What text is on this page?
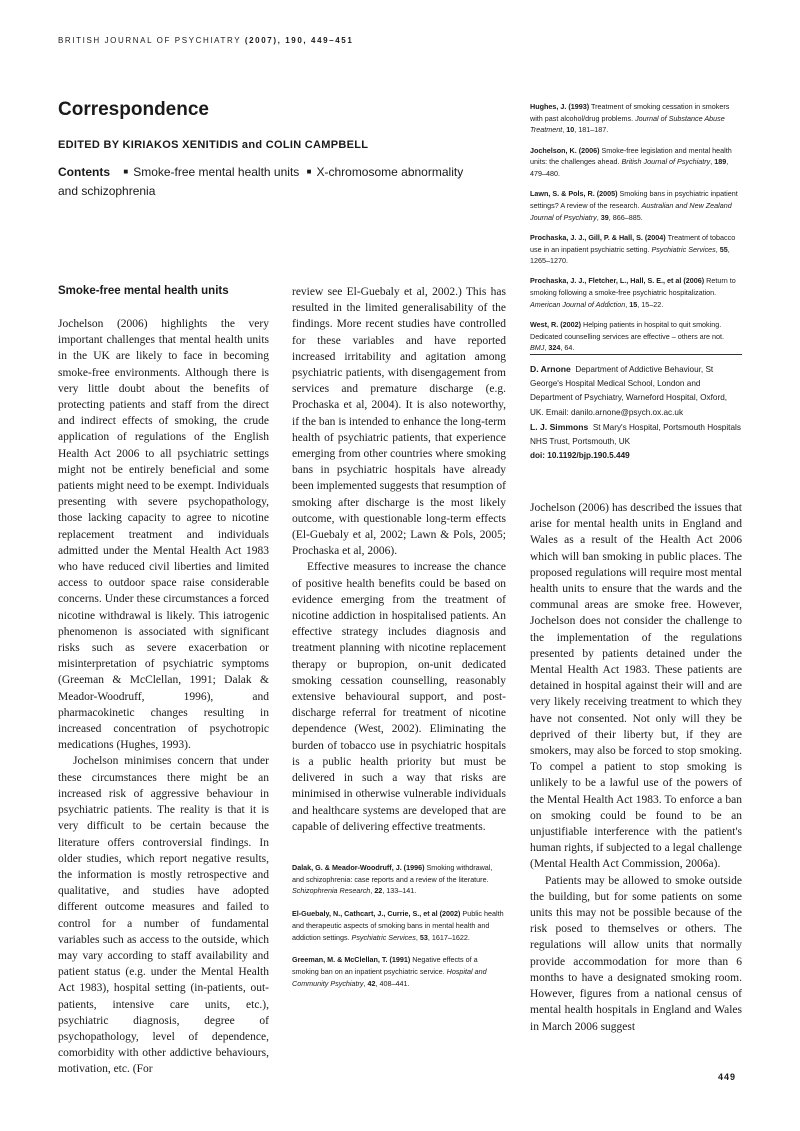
BRITISH JOURNAL OF PSYCHIATRY (2007), 190, 449–451
Correspondence
EDITED BY KIRIAKOS XENITIDIS and COLIN CAMPBELL
Contents ■ Smoke-free mental health units ■ X-chromosome abnormality
and schizophrenia
Hughes, J. (1993) Treatment of smoking cessation in smokers with past alcohol/drug problems. Journal of Substance Abuse Treatment, 10, 181–187.
Jochelson, K. (2006) Smoke-free legislation and mental health units: the challenges ahead. British Journal of Psychiatry, 189, 479–480.
Lawn, S. & Pols, R. (2005) Smoking bans in psychiatric inpatient settings? A review of the research. Australian and New Zealand Journal of Psychiatry, 39, 866–885.
Prochaska, J. J., Gill, P. & Hall, S. (2004) Treatment of tobacco use in an inpatient psychiatric setting. Psychiatric Services, 55, 1265–1270.
Prochaska, J. J., Fletcher, L., Hall, S. E., et al (2006) Return to smoking following a smoke-free psychiatric hospitalization. American Journal of Addiction, 15, 15–22.
West, R. (2002) Helping patients in hospital to quit smoking. Dedicated counselling services are effective – others are not. BMJ, 324, 64.
D. Arnone Department of Addictive Behaviour, St George's Hospital Medical School, London and Department of Psychiatry, Warneford Hospital, Oxford, UK. Email: danilo.arnone@psych.ox.ac.uk
L. J. Simmons St Mary's Hospital, Portsmouth Hospitals NHS Trust, Portsmouth, UK
doi: 10.1192/bjp.190.5.449
Smoke-free mental health units

Jochelson (2006) highlights the very important challenges that mental health units in the UK are likely to face in becoming smoke-free environments. Although there is very little doubt about the benefits of protecting patients and staff from the direct and indirect effects of smoking, the crude application of regulations of the English Health Act 2006 to all psychiatric settings might not be entirely beneficial and some patients might need to be exempt. Individuals presenting with severe psychopathology, those lacking capacity to agree to nicotine replacement treatment and individuals admitted under the Mental Health Act 1983 who have reduced civil liberties and limited access to outdoor space raise considerable concerns. Under these circumstances a forced nicotine withdrawal is likely. This iatrogenic phenomenon is associated with significant risks such as severe exacerbation or misinterpretation of psychiatric symptoms (Greeman & McClellan, 1991; Dalak & Meador-Woodruff, 1996), and pharmacokinetic changes resulting in increased concentration of psychotropic medications (Hughes, 1993).

Jochelson minimises concern that under these circumstances there might be an increased risk of aggressive behaviour in psychiatric patients. The reality is that it is very difficult to be certain because the literature offers controversial findings. In older studies, which report negative results, the information is mostly retrospective and qualitative, and studies have adopted different outcome measures and failed to control for a number of fundamental variables such as access to the outside, which may vary according to staff availability and patient status (e.g. under the Mental Health Act 1983), hospital setting (in-patients, out-patients, intensive care units, etc.), psychiatric diagnosis, degree of psychopathology, level of dependence, comorbidity with other addictive behaviours, motivation, etc. (For

review see El-Guebaly et al, 2002.) This has resulted in the limited generalisability of the findings. More recent studies have controlled for these variables and have reported increased irritability and agitation among psychiatric patients, with disengagement from services and premature discharge (e.g. Prochaska et al, 2004). It is also noteworthy, if the ban is intended to enhance the long-term health of psychiatric patients, that experience emerging from other countries where smoking bans in psychiatric hospitals have already been implemented suggests that resumption of smoking after discharge is the most likely outcome, with questionable long-term effects (El-Guebaly et al, 2002; Lawn & Pols, 2005; Prochaska et al, 2006).

Effective measures to increase the chance of positive health benefits could be based on evidence emerging from the treatment of nicotine addiction in hospitalised patients. An effective strategy includes diagnosis and treatment planning with nicotine replacement therapy or bupropion, on-unit dedicated smoking cessation counselling, reasonably extensive behavioural support, and post-discharge referral for treatment of nicotine dependence (West, 2002). Eliminating the burden of tobacco use in psychiatric hospitals is a public health priority but must be delivered in such a way that risks are minimised in otherwise vulnerable individuals and healthcare systems are developed that are capable of delivering effective treatments.

Dalak, G. & Meador-Woodruff, J. (1996) Smoking withdrawal, and schizophrenia: case reports and a review of the literature. Schizophrenia Research, 22, 133–141.
El-Guebaly, N., Cathcart, J., Currie, S., et al (2002) Public health and therapeutic aspects of smoking bans in mental health and addiction settings. Psychiatric Services, 53, 1617–1622.
Greeman, M. & McClellan, T. (1991) Negative effects of a smoking ban on an inpatient psychiatric service. Hospital and Community Psychiatry, 42, 408–441.

Jochelson (2006) has described the issues that arise for mental health units in England and Wales as a result of the Health Act 2006 which will ban smoking in public places. The proposed regulations will require most mental health units to ensure that the wards and the communal areas are smoke free. However, Jochelson does not consider the challenge to the implementation of the regulations presented by patients detained under the Mental Health Act 1983. These patients are detained in hospital against their will and are very likely receiving treatment to which they have not consented. Not only will they be deprived of their liberty but, if they are smokers, may also be forced to stop smoking. To compel a patient to stop smoking is unlikely to be a lawful use of the powers of the Mental Health Act 1983. To enforce a ban on smoking could be found to be an unjustifiable interference with the patient's human rights, if subjected to a legal challenge (Mental Health Act Commission, 2006a).

Patients may be allowed to smoke outside the building, but for some patients on some units this may not be possible because of the risk posed to themselves or others. The regulations will allow units that normally provide accommodation for more than 6 months to have a designated smoking room. However, figures from a national census of mental health hospitals in England and Wales in March 2006 suggest

449
